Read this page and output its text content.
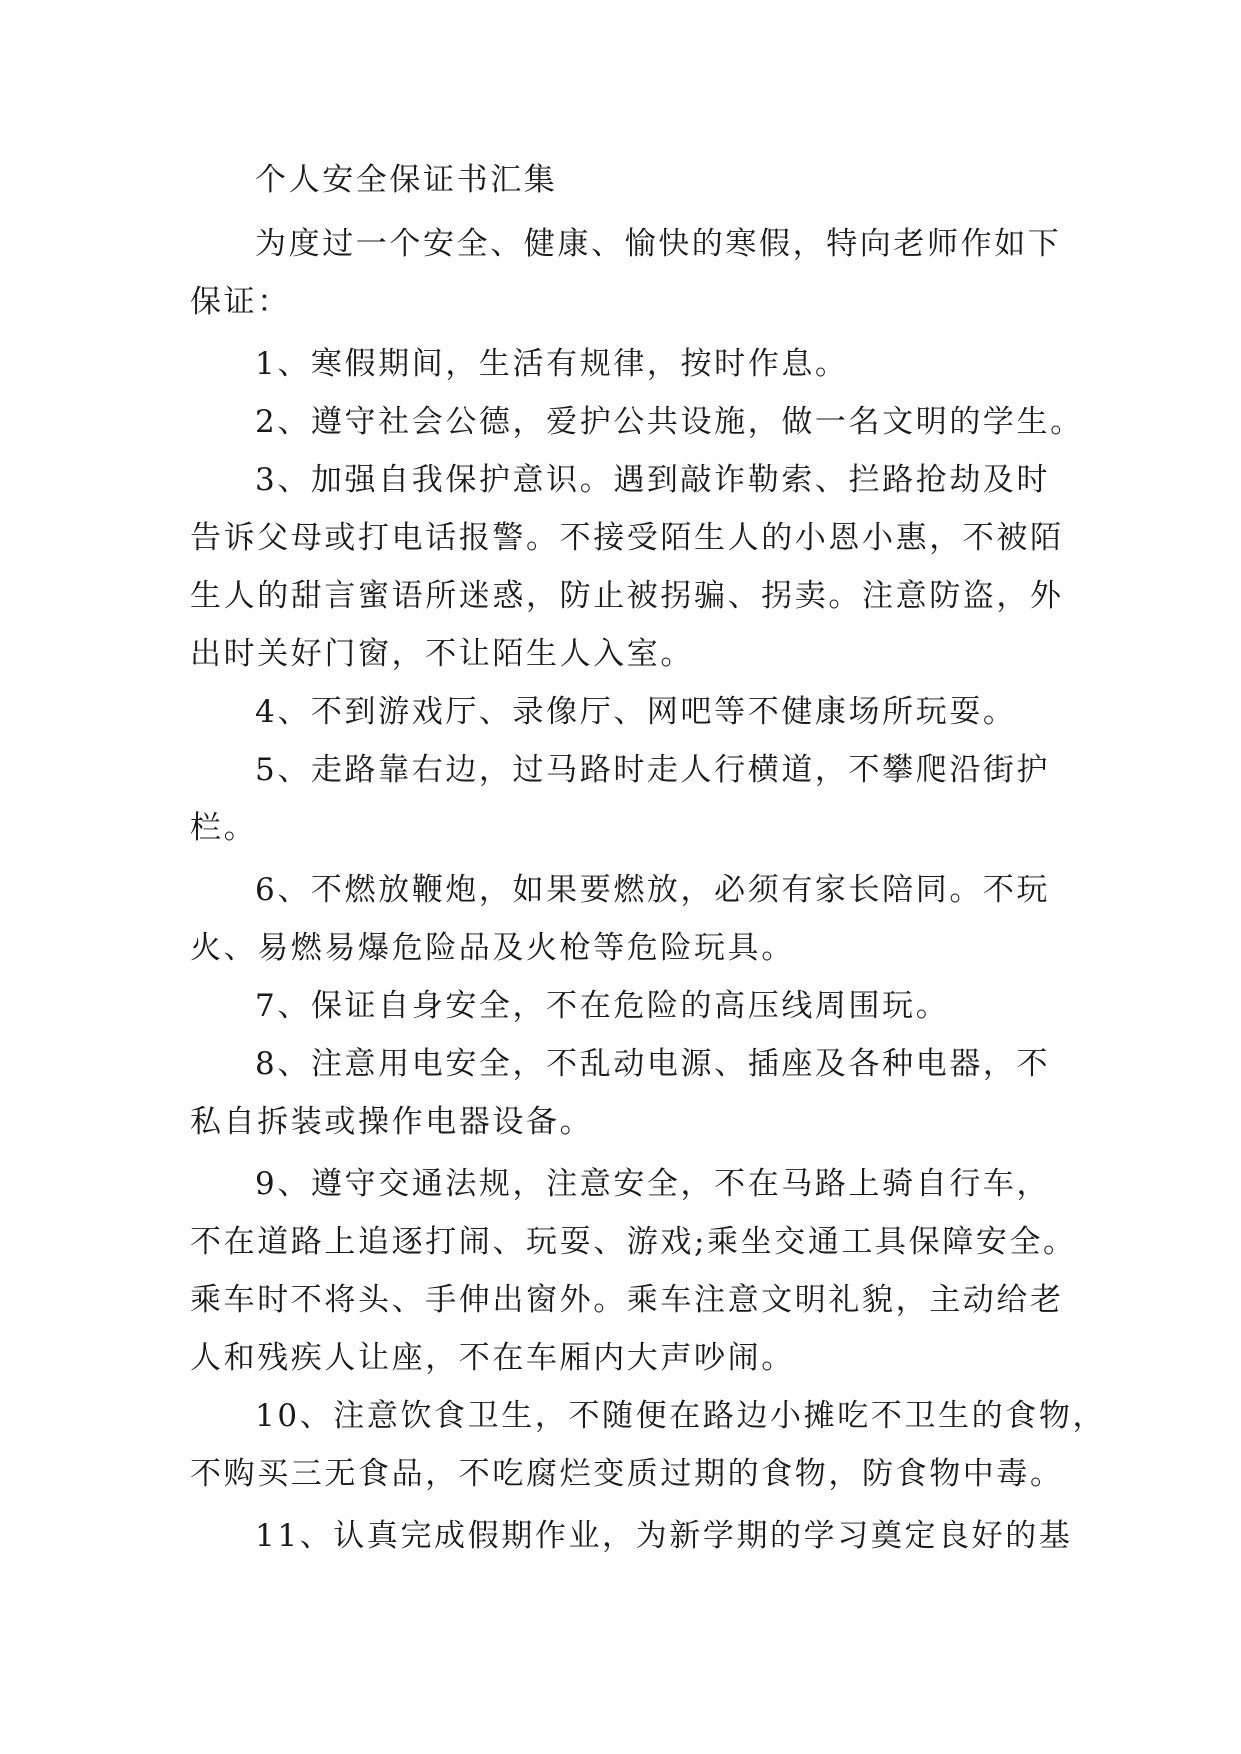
个人安全保证书汇集

为度过一个安全、健康、愉快的寒假，特向老师作如下

保证：

1、寒假期间，生活有规律，按时作息。

2、遵守社会公德，爱护公共设施，做一名文明的学生。

3、加强自我保护意识。遇到敲诈勒索、拦路抢劫及时

告诉父母或打电话报警。不接受陌生人的小恩小惠，不被陌

生人的甜言蜜语所迷惑，防止被拐骗、拐卖。注意防盗，外

出时关好门窗，不让陌生人入室。

4、不到游戏厅、录像厅、网吧等不健康场所玩耍。

5、走路靠右边，过马路时走人行横道，不攀爬沿街护

栏。

6、不燃放鞭炮，如果要燃放，必须有家长陪同。不玩

火、易燃易爆危险品及火枪等危险玩具。

7、保证自身安全，不在危险的高压线周围玩。

8、注意用电安全，不乱动电源、插座及各种电器，不

私自拆装或操作电器设备。

9、遵守交通法规，注意安全，不在马路上骑自行车，

不在道路上追逐打闹、玩耍、游戏;乘坐交通工具保障安全。

乘车时不将头、手伸出窗外。乘车注意文明礼貌，主动给老

人和残疾人让座，不在车厢内大声吵闹。

10、注意饮食卫生，不随便在路边小摊吃不卫生的食物，

不购买三无食品，不吃腐烂变质过期的食物，防食物中毒。

11、认真完成假期作业，为新学期的学习奠定良好的基
